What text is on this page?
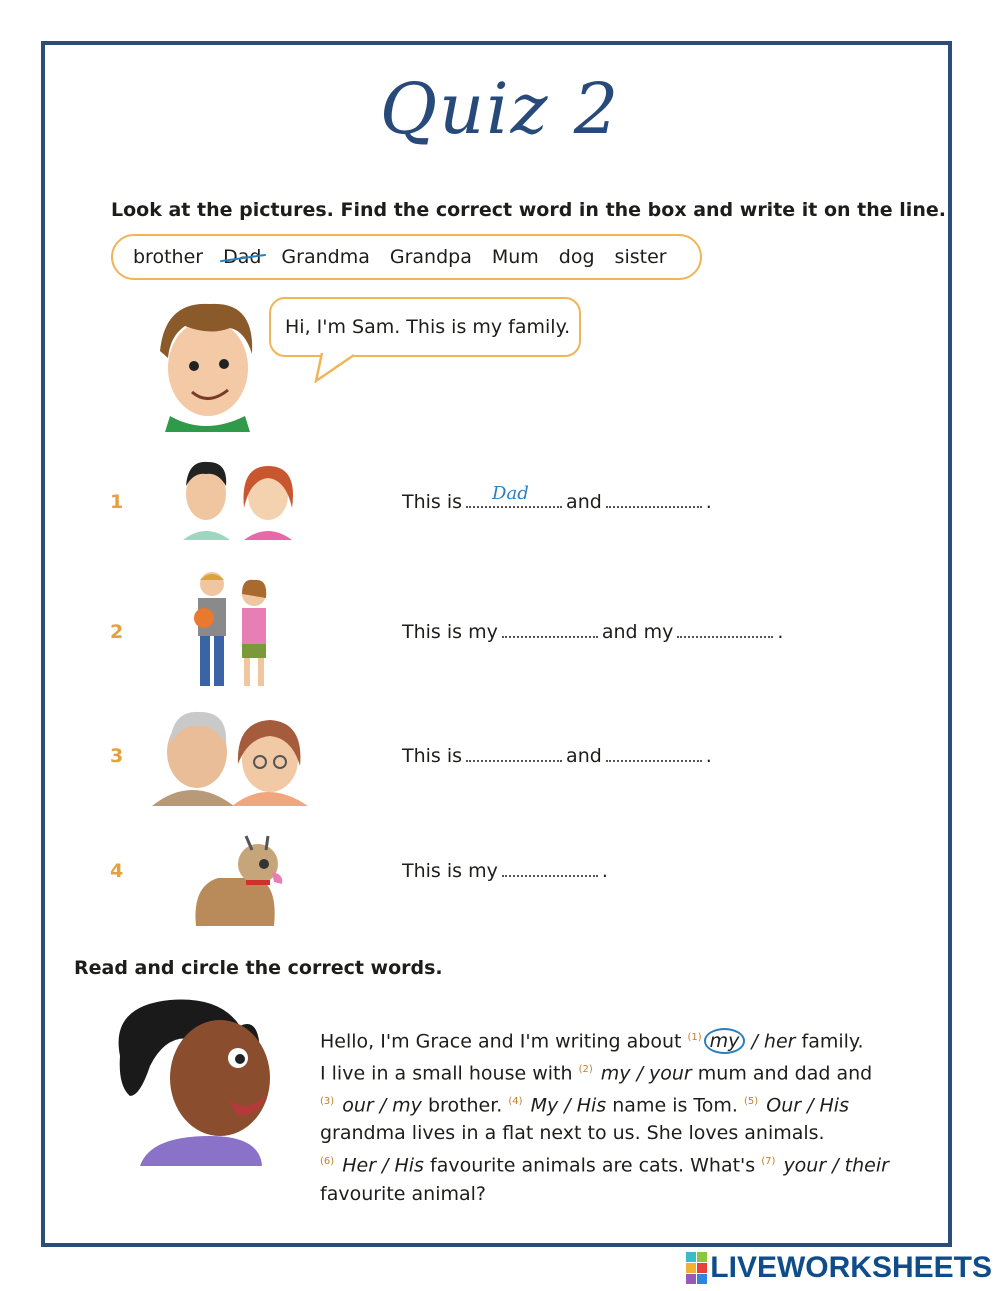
Quiz 2
Look at the pictures. Find the correct word in the box and write it on the line.
brother Dad Grandma Grandpa Mum dog sister
Hi, I'm Sam. This is my family.
1	This is Dad and	.
2	This is my	and my	.
3	This is	and	.
4	This is my	.
Read and circle the correct words.
Hello, I'm Grace and I'm writing about $^{(1)}$ my / her family.
I live in a small house with $^{(2)}$ my / your mum and dad and
$^{(3)}$ our / my brother. $^{(4)}$ My / His name is Tom. $^{(5)}$ Our / His
grandma lives in a flat next to us. She loves animals.
$^{(6)}$ Her / His favourite animals are cats. What's $^{(7)}$ your / their
favourite animal?
LIVEWORKSHEETS
